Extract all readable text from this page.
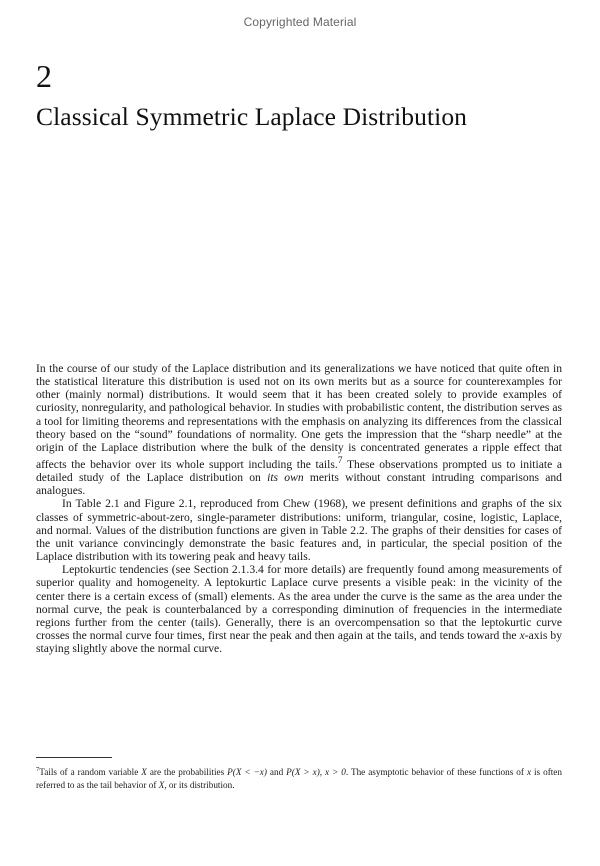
Copyrighted Material
2
Classical Symmetric Laplace Distribution

In the course of our study of the Laplace distribution and its generalizations we have noticed that quite often in the statistical literature this distribution is used not on its own merits but as a source for counterexamples for other (mainly normal) distributions. It would seem that it has been created solely to provide examples of curiosity, nonregularity, and pathological behavior. In studies with probabilistic content, the distribution serves as a tool for limiting theorems and representations with the emphasis on analyzing its differences from the classical theory based on the “sound” foundations of normality. One gets the impression that the “sharp needle” at the origin of the Laplace distribution where the bulk of the density is concentrated generates a ripple effect that affects the behavior over its whole support including the tails.$^7$ These observations prompted us to initiate a detailed study of the Laplace distribution on its own merits without constant intruding comparisons and analogues.

In Table 2.1 and Figure 2.1, reproduced from Chew (1968), we present definitions and graphs of the six classes of symmetric-about-zero, single-parameter distributions: uniform, triangular, cosine, logistic, Laplace, and normal. Values of the distribution functions are given in Table 2.2. The graphs of their densities for cases of the unit variance convincingly demonstrate the basic features and, in particular, the special position of the Laplace distribution with its towering peak and heavy tails.

Leptokurtic tendencies (see Section 2.1.3.4 for more details) are frequently found among measurements of superior quality and homogeneity. A leptokurtic Laplace curve presents a visible peak: in the vicinity of the center there is a certain excess of (small) elements. As the area under the curve is the same as the area under the normal curve, the peak is counterbalanced by a corresponding diminution of frequencies in the intermediate regions further from the center (tails). Generally, there is an overcompensation so that the leptokurtic curve crosses the normal curve four times, first near the peak and then again at the tails, and tends toward the x-axis by staying slightly above the normal curve.

$^7$Tails of a random variable X are the probabilities P(X < −x) and P(X > x), x > 0. The asymptotic behavior of these functions of x is often referred to as the tail behavior of X, or its distribution.
